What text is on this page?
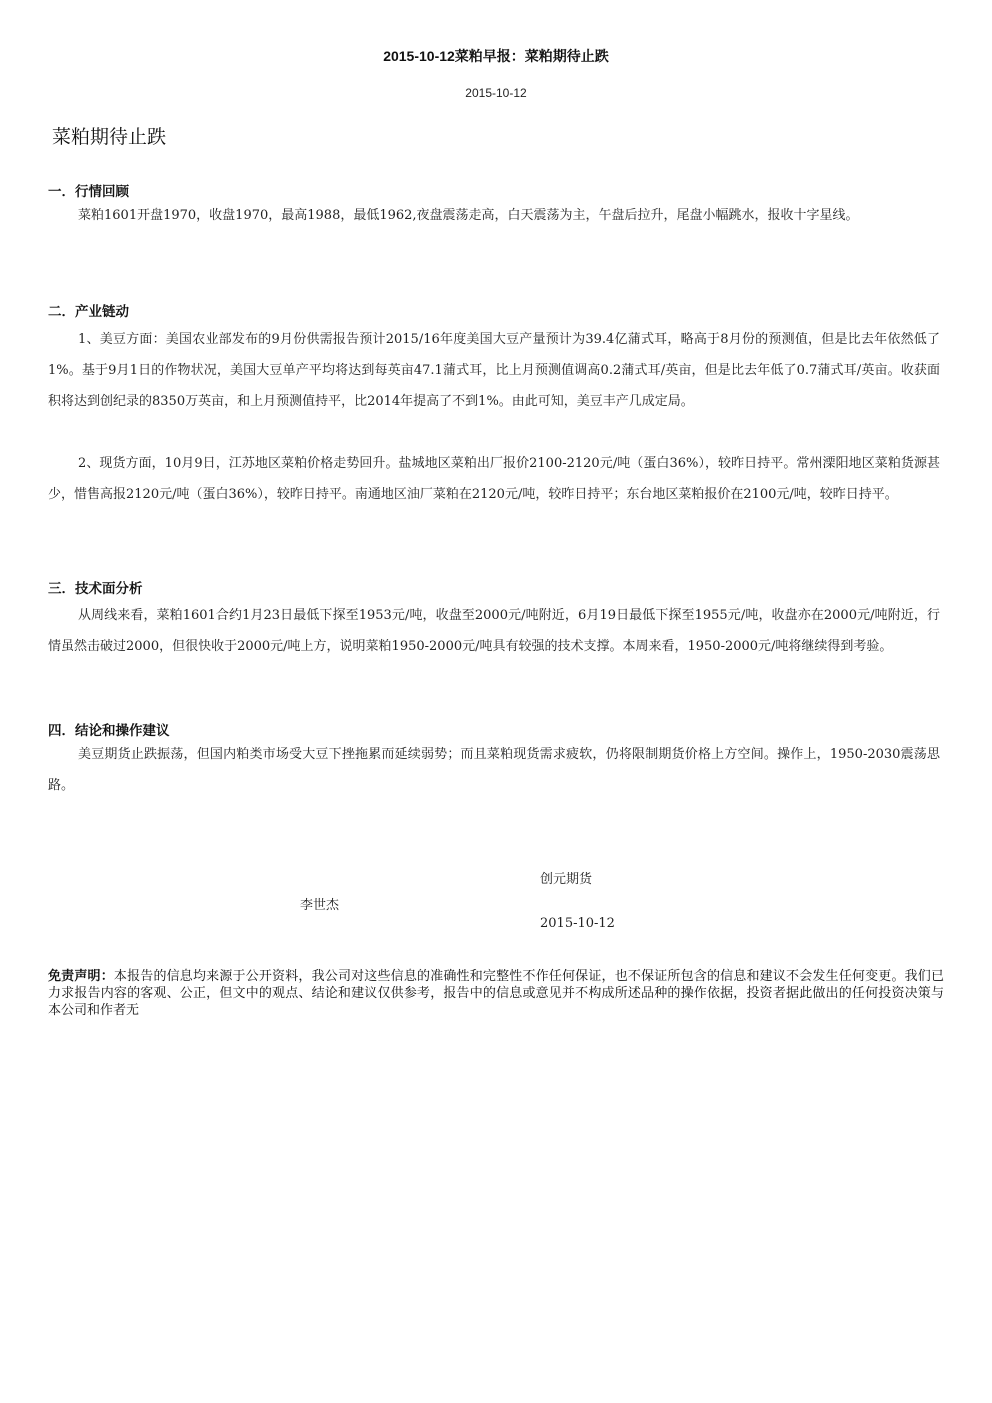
2015-10-12菜粕早报：菜粕期待止跌
2015-10-12
菜粕期待止跌
一．行情回顾

菜粕1601开盘1970，收盘1970，最高1988，最低1962,夜盘震荡走高，白天震荡为主，午盘后拉升，尾盘小幅跳水，报收十字星线。

二．产业链动

1、美豆方面：美国农业部发布的9月份供需报告预计2015/16年度美国大豆产量预计为39.4亿蒲式耳，略高于8月份的预测值，但是比去年依然低了1%。基于9月1日的作物状况，美国大豆单产平均将达到每英亩47.1蒲式耳，比上月预测值调高0.2蒲式耳/英亩，但是比去年低了0.7蒲式耳/英亩。收获面积将达到创纪录的8350万英亩，和上月预测值持平，比2014年提高了不到1%。由此可知，美豆丰产几成定局。

2、现货方面，10月9日，江苏地区菜粕价格走势回升。盐城地区菜粕出厂报价2100-2120元/吨（蛋白36%），较昨日持平。常州溧阳地区菜粕货源甚少，惜售高报2120元/吨（蛋白36%），较昨日持平。南通地区油厂菜粕在2120元/吨，较昨日持平；东台地区菜粕报价在2100元/吨，较昨日持平。

三．技术面分析

从周线来看，菜粕1601合约1月23日最低下探至1953元/吨，收盘至2000元/吨附近，6月19日最低下探至1955元/吨，收盘亦在2000元/吨附近，行情虽然击破过2000，但很快收于2000元/吨上方，说明菜粕1950-2000元/吨具有较强的技术支撑。本周来看，1950-2000元/吨将继续得到考验。

四．结论和操作建议

美豆期货止跌振荡，但国内粕类市场受大豆下挫拖累而延续弱势；而且菜粕现货需求疲软，仍将限制期货价格上方空间。操作上，1950-2030震荡思路。

创元期货
李世杰
2015-10-12

免责声明：本报告的信息均来源于公开资料，我公司对这些信息的准确性和完整性不作任何保证，也不保证所包含的信息和建议不会发生任何变更。我们已力求报告内容的客观、公正，但文中的观点、结论和建议仅供参考，报告中的信息或意见并不构成所述品种的操作依据，投资者据此做出的任何投资决策与本公司和作者无
